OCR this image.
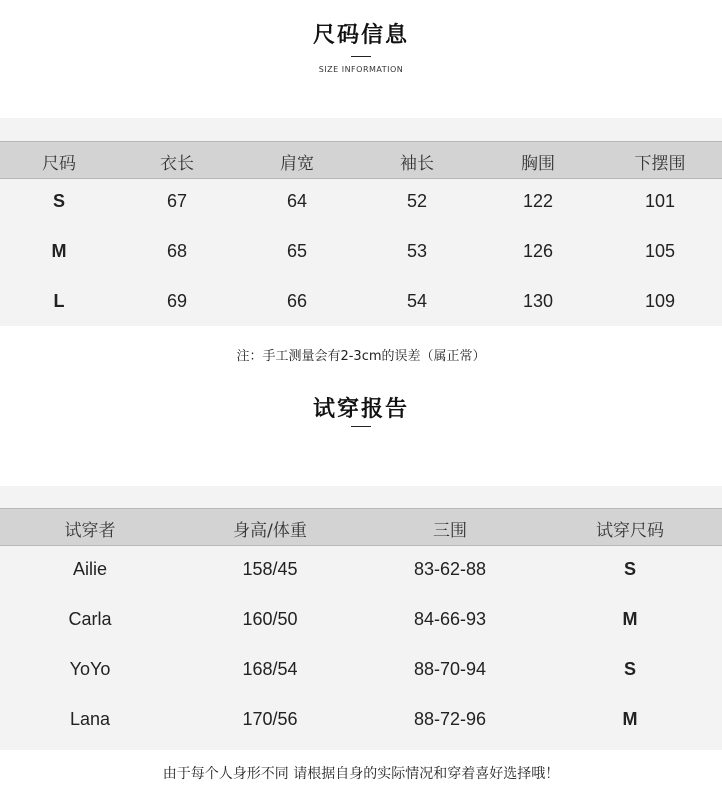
尺码信息
SIZE INFORMATION
尺码	衣长	肩宽	袖长	胸围	下摆围
S	67	64	52	122	101
M	68	65	53	126	105
L	69	66	54	130	109
注：手工测量会有2-3cm的误差（属正常）
试穿报告
试穿者	身高/体重	三围	试穿尺码
Ailie	158/45	83-62-88	S
Carla	160/50	84-66-93	M
YoYo	168/54	88-70-94	S
Lana	170/56	88-72-96	M
由于每个人身形不同 请根据自身的实际情况和穿着喜好选择哦！
